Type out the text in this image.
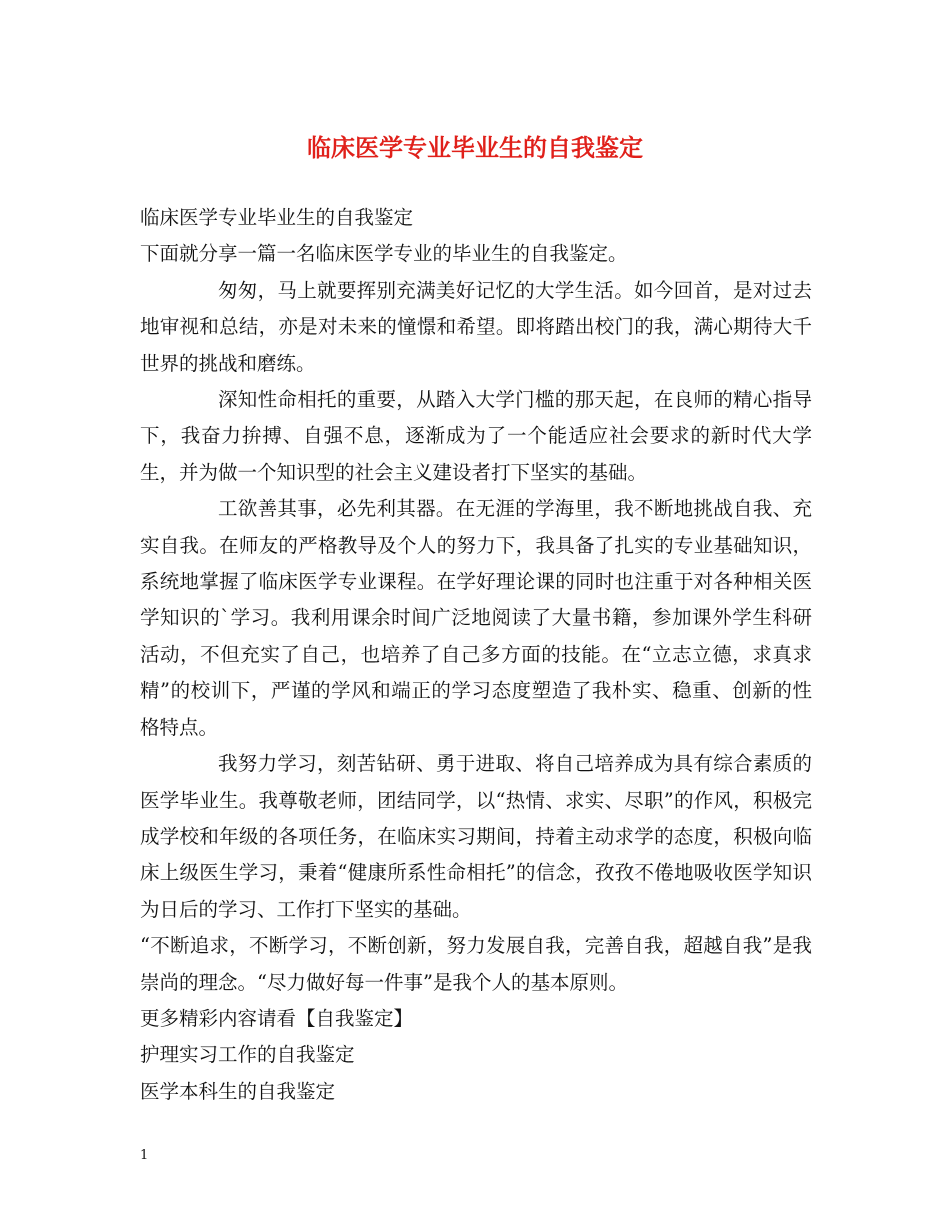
临床医学专业毕业生的自我鉴定

临床医学专业毕业生的自我鉴定

下面就分享一篇一名临床医学专业的毕业生的自我鉴定。

匆匆，马上就要挥别充满美好记忆的大学生活。如今回首，是对过去地审视和总结，亦是对未来的憧憬和希望。即将踏出校门的我，满心期待大千世界的挑战和磨练。

深知性命相托的重要，从踏入大学门槛的那天起，在良师的精心指导下，我奋力拚搏、自强不息，逐渐成为了一个能适应社会要求的新时代大学生，并为做一个知识型的社会主义建设者打下坚实的基础。

工欲善其事，必先利其器。在无涯的学海里，我不断地挑战自我、充实自我。在师友的严格教导及个人的努力下，我具备了扎实的专业基础知识，系统地掌握了临床医学专业课程。在学好理论课的同时也注重于对各种相关医学知识的`学习。我利用课余时间广泛地阅读了大量书籍，参加课外学生科研活动，不但充实了自己，也培养了自己多方面的技能。在“立志立德，求真求精”的校训下，严谨的学风和端正的学习态度塑造了我朴实、稳重、创新的性格特点。

我努力学习，刻苦钻研、勇于进取、将自己培养成为具有综合素质的医学毕业生。我尊敬老师，团结同学，以“热情、求实、尽职”的作风，积极完成学校和年级的各项任务，在临床实习期间，持着主动求学的态度，积极向临床上级医生学习，秉着“健康所系性命相托”的信念，孜孜不倦地吸收医学知识为日后的学习、工作打下坚实的基础。

“不断追求，不断学习，不断创新，努力发展自我，完善自我，超越自我”是我崇尚的理念。“尽力做好每一件事”是我个人的基本原则。

更多精彩内容请看【自我鉴定】

护理实习工作的自我鉴定

医学本科生的自我鉴定

1
